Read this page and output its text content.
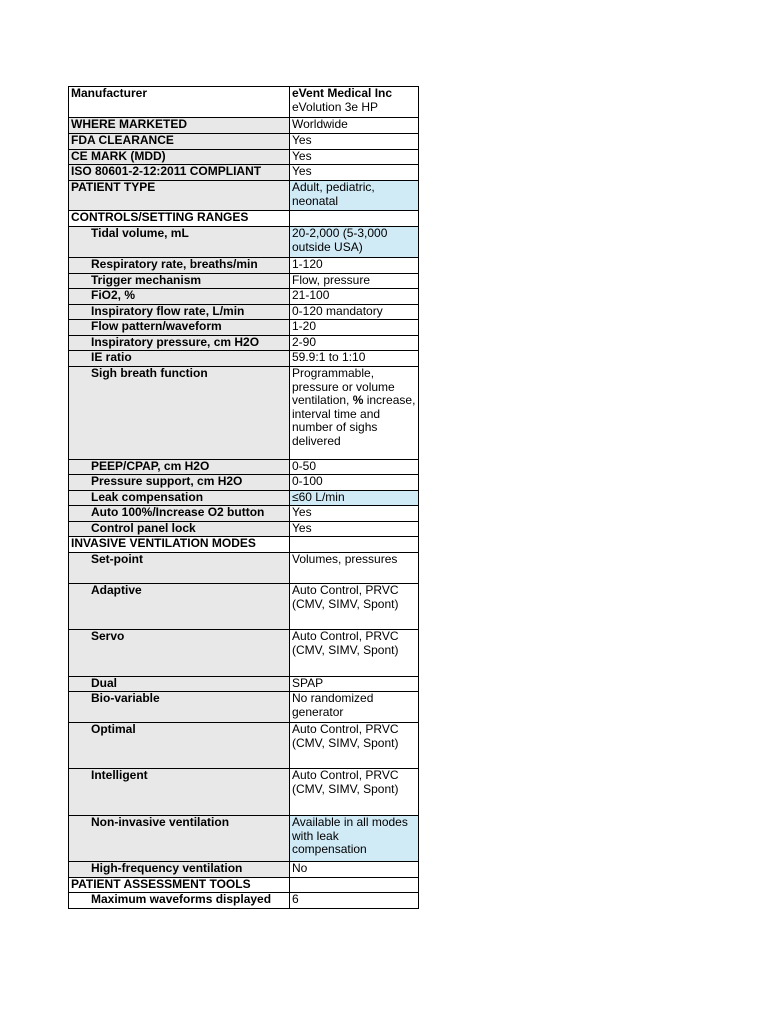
Manufacturer	eVent Medical Inc
eVolution 3e HP

WHERE MARKETED	Worldwide
FDA CLEARANCE	Yes
CE MARK (MDD)	Yes
ISO 80601-2-12:2011 COMPLIANT	Yes
PATIENT TYPE	Adult, pediatric, neonatal
CONTROLS/SETTING RANGES	
Tidal volume, mL	20-2,000 (5-3,000 outside USA)
Respiratory rate, breaths/min	1-120
Trigger mechanism	Flow, pressure
FiO2, %	21-100
Inspiratory flow rate, L/min	0-120 mandatory
Flow pattern/waveform	1-20
Inspiratory pressure, cm H2O	2-90
IE ratio	59.9:1 to 1:10
Sigh breath function	Programmable, pressure or volume ventilation, % increase, interval time and number of sighs delivered
PEEP/CPAP, cm H2O	0-50
Pressure support, cm H2O	0-100
Leak compensation	≤60 L/min
Auto 100%/Increase O2 button	Yes
Control panel lock	Yes
INVASIVE VENTILATION MODES	
Set-point	Volumes, pressures
Adaptive	Auto Control, PRVC (CMV, SIMV, Spont)
Servo	Auto Control, PRVC (CMV, SIMV, Spont)
Dual	SPAP
Bio-variable	No randomized generator
Optimal	Auto Control, PRVC (CMV, SIMV, Spont)
Intelligent	Auto Control, PRVC (CMV, SIMV, Spont)
Non-invasive ventilation	Available in all modes with leak compensation
High-frequency ventilation	No
PATIENT ASSESSMENT TOOLS	
Maximum waveforms displayed	6
